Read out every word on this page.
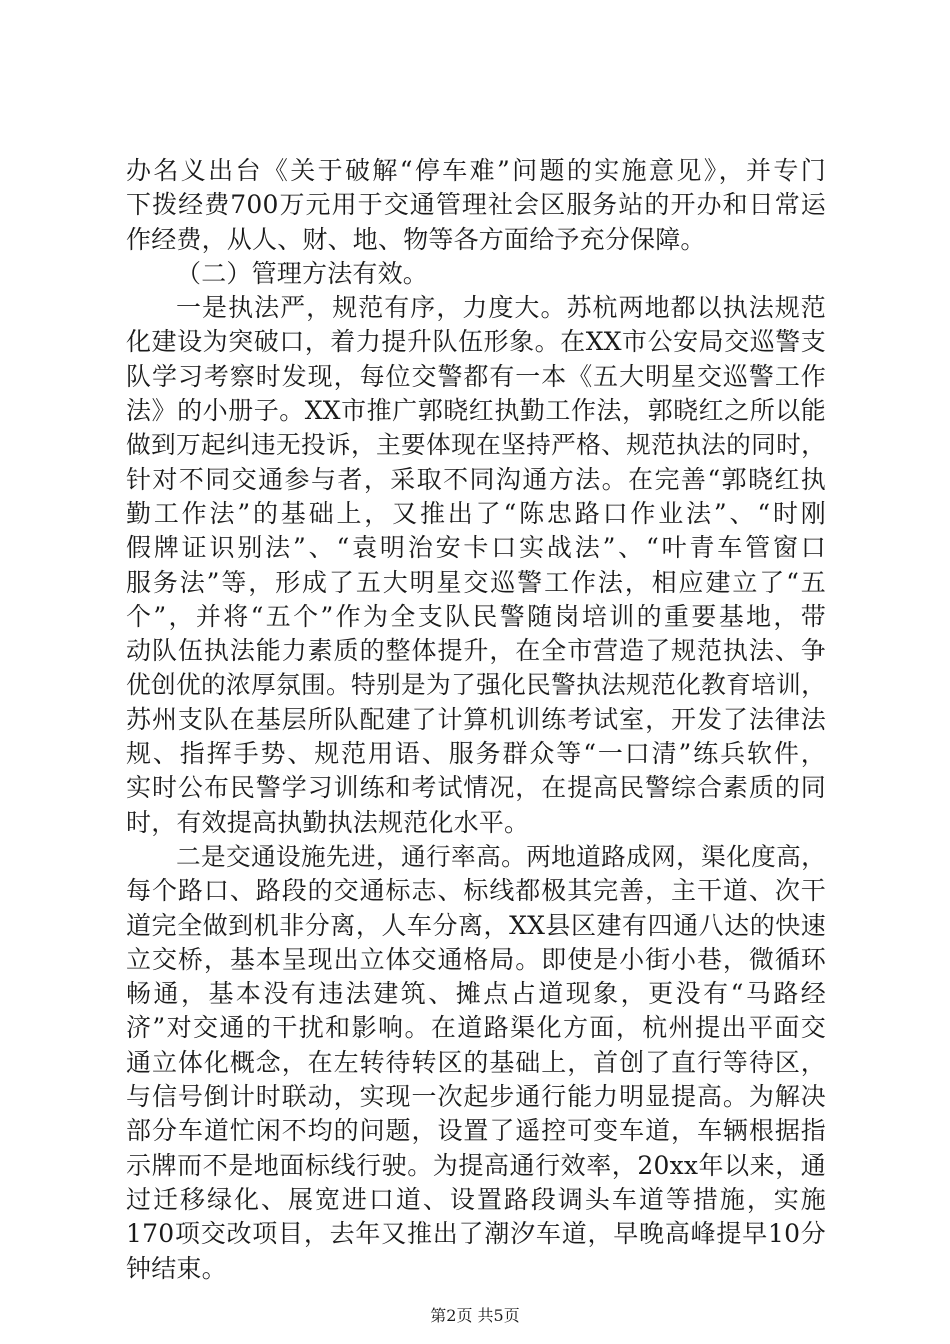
办名义出台《关于破解“停车难”问题的实施意见》，并专门
下拨经费700万元用于交通管理社会区服务站的开办和日常运
作经费，从人、财、地、物等各方面给予充分保障。
（二）管理方法有效。
一是执法严，规范有序，力度大。苏杭两地都以执法规范
化建设为突破口，着力提升队伍形象。在XX市公安局交巡警支
队学习考察时发现，每位交警都有一本《五大明星交巡警工作
法》的小册子。XX市推广郭晓红执勤工作法，郭晓红之所以能
做到万起纠违无投诉，主要体现在坚持严格、规范执法的同时，
针对不同交通参与者，采取不同沟通方法。在完善“郭晓红执
勤工作法”的基础上，又推出了“陈忠路口作业法”、“时刚
假牌证识别法”、“袁明治安卡口实战法”、“叶青车管窗口
服务法”等，形成了五大明星交巡警工作法，相应建立了“五
个”，并将“五个”作为全支队民警随岗培训的重要基地，带
动队伍执法能力素质的整体提升，在全市营造了规范执法、争
优创优的浓厚氛围。特别是为了强化民警执法规范化教育培训，
苏州支队在基层所队配建了计算机训练考试室，开发了法律法
规、指挥手势、规范用语、服务群众等“一口清”练兵软件，
实时公布民警学习训练和考试情况，在提高民警综合素质的同
时，有效提高执勤执法规范化水平。
二是交通设施先进，通行率高。两地道路成网，渠化度高，
每个路口、路段的交通标志、标线都极其完善，主干道、次干
道完全做到机非分离，人车分离，XX县区建有四通八达的快速
立交桥，基本呈现出立体交通格局。即使是小街小巷，微循环
畅通，基本没有违法建筑、摊点占道现象，更没有“马路经
济”对交通的干扰和影响。在道路渠化方面，杭州提出平面交
通立体化概念，在左转待转区的基础上，首创了直行等待区，
与信号倒计时联动，实现一次起步通行能力明显提高。为解决
部分车道忙闲不均的问题，设置了遥控可变车道，车辆根据指
示牌而不是地面标线行驶。为提高通行效率，20xx年以来，通
过迁移绿化、展宽进口道、设置路段调头车道等措施，实施
170项交改项目，去年又推出了潮汐车道，早晚高峰提早10分
钟结束。
第2页 共5页
